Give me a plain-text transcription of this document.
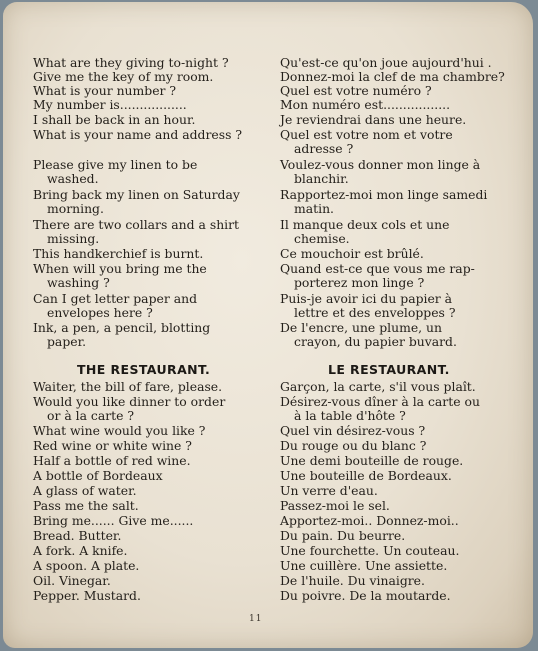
What are they giving to-night ?
Give me the key of my room.
What is your number ?
My number is.................
I shall be back in an hour.
What is your name and address ?
Please give my linen to be
washed.
Bring back my linen on Saturday
morning.
There are two collars and a shirt
missing.
This handkerchief is burnt.
When will you bring me the
washing ?
Can I get letter paper and
envelopes here ?
Ink, a pen, a pencil, blotting
paper.
THE RESTAURANT.
Waiter, the bill of fare, please.
Would you like dinner to order
or à la carte ?
What wine would you like ?
Red wine or white wine ?
Half a bottle of red wine.
A bottle of Bordeaux
A glass of water.
Pass me the salt.
Bring me...... Give me......
Bread. Butter.
A fork. A knife.
A spoon. A plate.
Oil. Vinegar.
Pepper. Mustard.
Qu'est-ce qu'on joue aujourd'hui .
Donnez-moi la clef de ma chambre?
Quel est votre numéro ?
Mon numéro est.................
Je reviendrai dans une heure.
Quel est votre nom et votre
adresse ?
Voulez-vous donner mon linge à
blanchir.
Rapportez-moi mon linge samedi
matin.
Il manque deux cols et une
chemise.
Ce mouchoir est brûlé.
Quand est-ce que vous me rap-
porterez mon linge ?
Puis-je avoir ici du papier à
lettre et des enveloppes ?
De l'encre, une plume, un
crayon, du papier buvard.
LE RESTAURANT.
Garçon, la carte, s'il vous plaît.
Désirez-vous dîner à la carte ou
à la table d'hôte ?
Quel vin désirez-vous ?
Du rouge ou du blanc ?
Une demi bouteille de rouge.
Une bouteille de Bordeaux.
Un verre d'eau.
Passez-moi le sel.
Apportez-moi.. Donnez-moi..
Du pain. Du beurre.
Une fourchette. Un couteau.
Une cuillère. Une assiette.
De l'huile. Du vinaigre.
Du poivre. De la moutarde.
11
